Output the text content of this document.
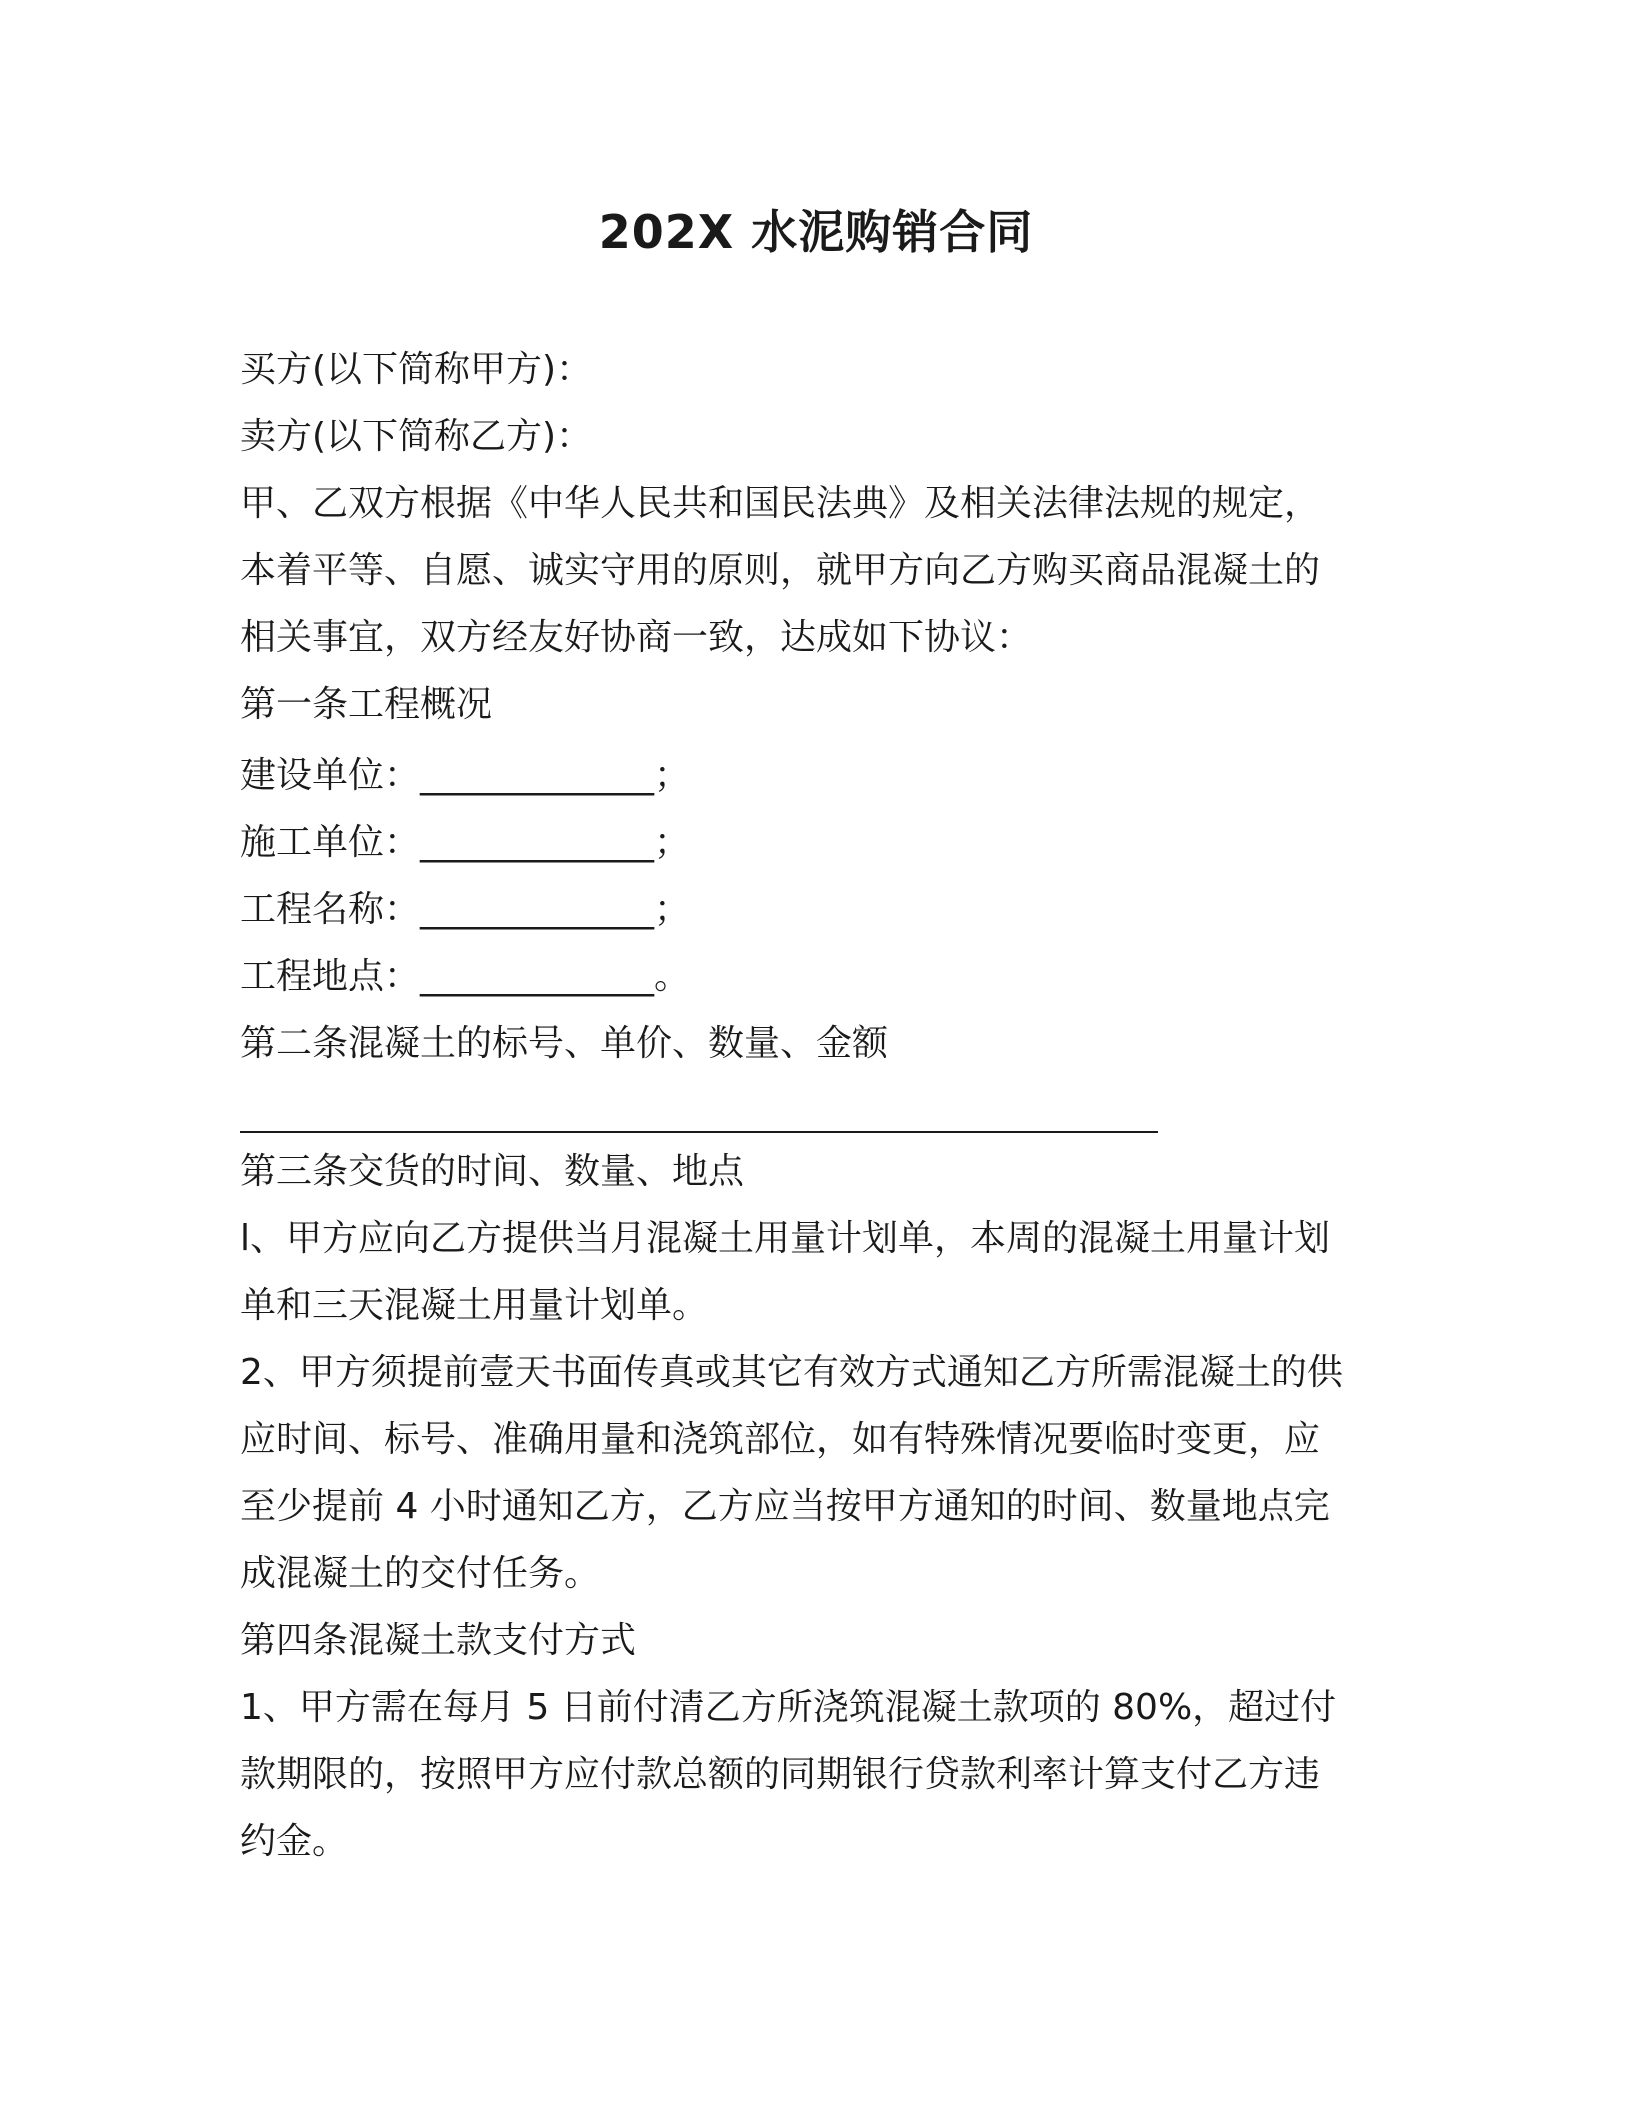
202X 水泥购销合同
买方(以下简称甲方)：
卖方(以下简称乙方)：
甲、乙双方根据《中华人民共和国民法典》及相关法律法规的规定，
本着平等、自愿、诚实守用的原则，就甲方向乙方购买商品混凝土的
相关事宜，双方经友好协商一致，达成如下协议：
第一条工程概况
建设单位：_____________；
施工单位：_____________；
工程名称：_____________；
工程地点：_____________。
第二条混凝土的标号、单价、数量、金额
第三条交货的时间、数量、地点
l、甲方应向乙方提供当月混凝土用量计划单，本周的混凝土用量计划
单和三天混凝土用量计划单。
2、甲方须提前壹天书面传真或其它有效方式通知乙方所需混凝土的供
应时间、标号、准确用量和浇筑部位，如有特殊情况要临时变更，应
至少提前 4 小时通知乙方，乙方应当按甲方通知的时间、数量地点完
成混凝土的交付任务。
第四条混凝土款支付方式
1、甲方需在每月 5 日前付清乙方所浇筑混凝土款项的 80%，超过付
款期限的，按照甲方应付款总额的同期银行贷款利率计算支付乙方违
约金。
